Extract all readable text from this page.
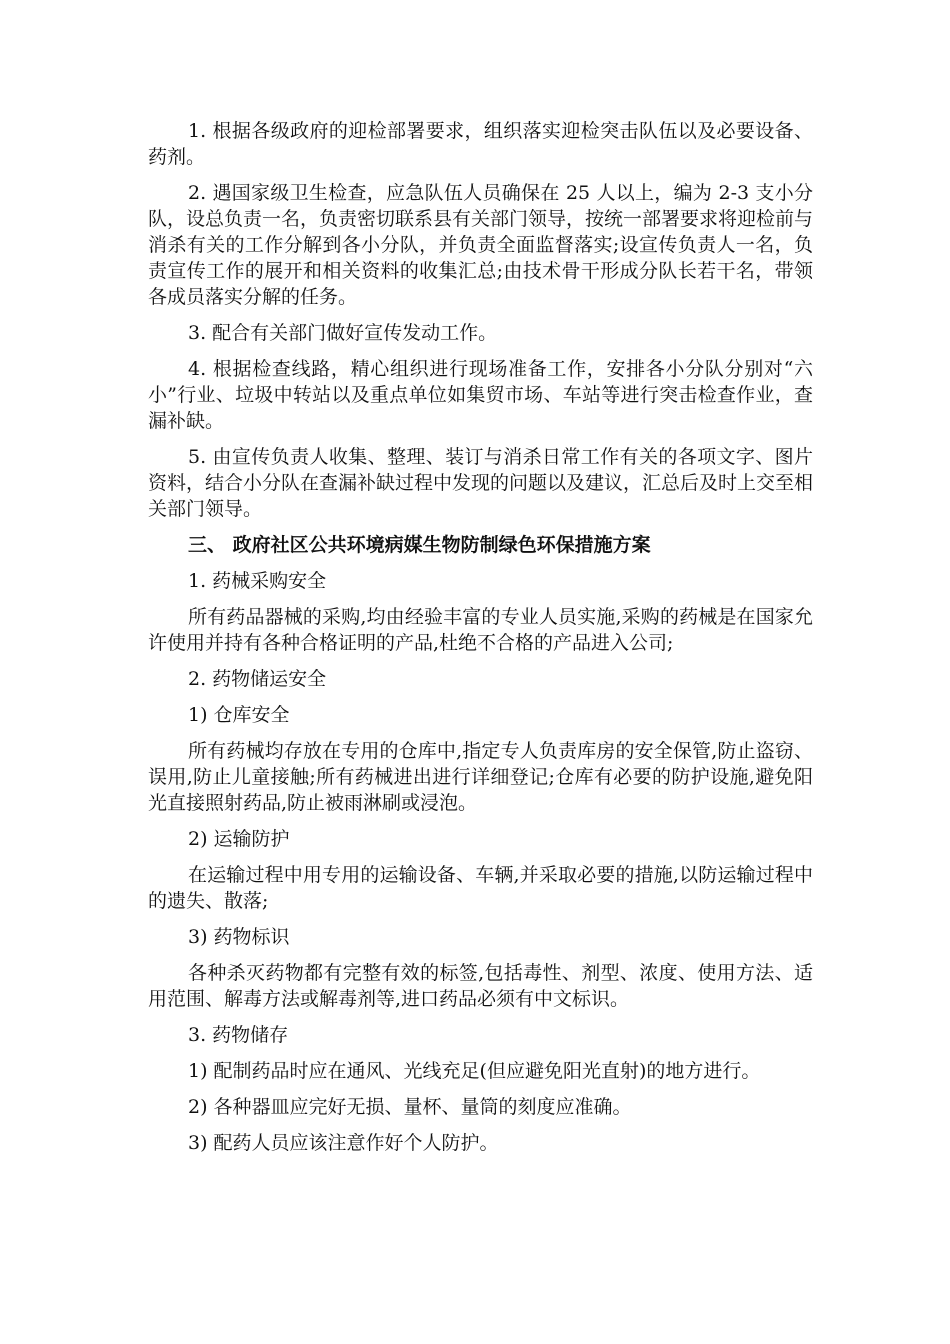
1. 根据各级政府的迎检部署要求，组织落实迎检突击队伍以及必要设备、药剂。

2. 遇国家级卫生检查，应急队伍人员确保在 25 人以上，编为 2-3 支小分队，设总负责一名，负责密切联系县有关部门领导，按统一部署要求将迎检前与消杀有关的工作分解到各小分队，并负责全面监督落实;设宣传负责人一名，负责宣传工作的展开和相关资料的收集汇总;由技术骨干形成分队长若干名，带领各成员落实分解的任务。

3. 配合有关部门做好宣传发动工作。

4. 根据检查线路，精心组织进行现场准备工作，安排各小分队分别对“六小”行业、垃圾中转站以及重点单位如集贸市场、车站等进行突击检查作业，查漏补缺。

5. 由宣传负责人收集、整理、装订与消杀日常工作有关的各项文字、图片资料，结合小分队在查漏补缺过程中发现的问题以及建议，汇总后及时上交至相关部门领导。

三、 政府社区公共环境病媒生物防制绿色环保措施方案

1. 药械采购安全

所有药品器械的采购,均由经验丰富的专业人员实施,采购的药械是在国家允许使用并持有各种合格证明的产品,杜绝不合格的产品进入公司;

2. 药物储运安全

1) 仓库安全

所有药械均存放在专用的仓库中,指定专人负责库房的安全保管,防止盗窃、误用,防止儿童接触;所有药械进出进行详细登记;仓库有必要的防护设施,避免阳光直接照射药品,防止被雨淋刷或浸泡。

2) 运输防护

在运输过程中用专用的运输设备、车辆,并采取必要的措施,以防运输过程中的遗失、散落;

3) 药物标识

各种杀灭药物都有完整有效的标签,包括毒性、剂型、浓度、使用方法、适用范围、解毒方法或解毒剂等,进口药品必须有中文标识。

3. 药物储存

1) 配制药品时应在通风、光线充足(但应避免阳光直射)的地方进行。

2) 各种器皿应完好无损、量杯、量筒的刻度应准确。

3) 配药人员应该注意作好个人防护。
